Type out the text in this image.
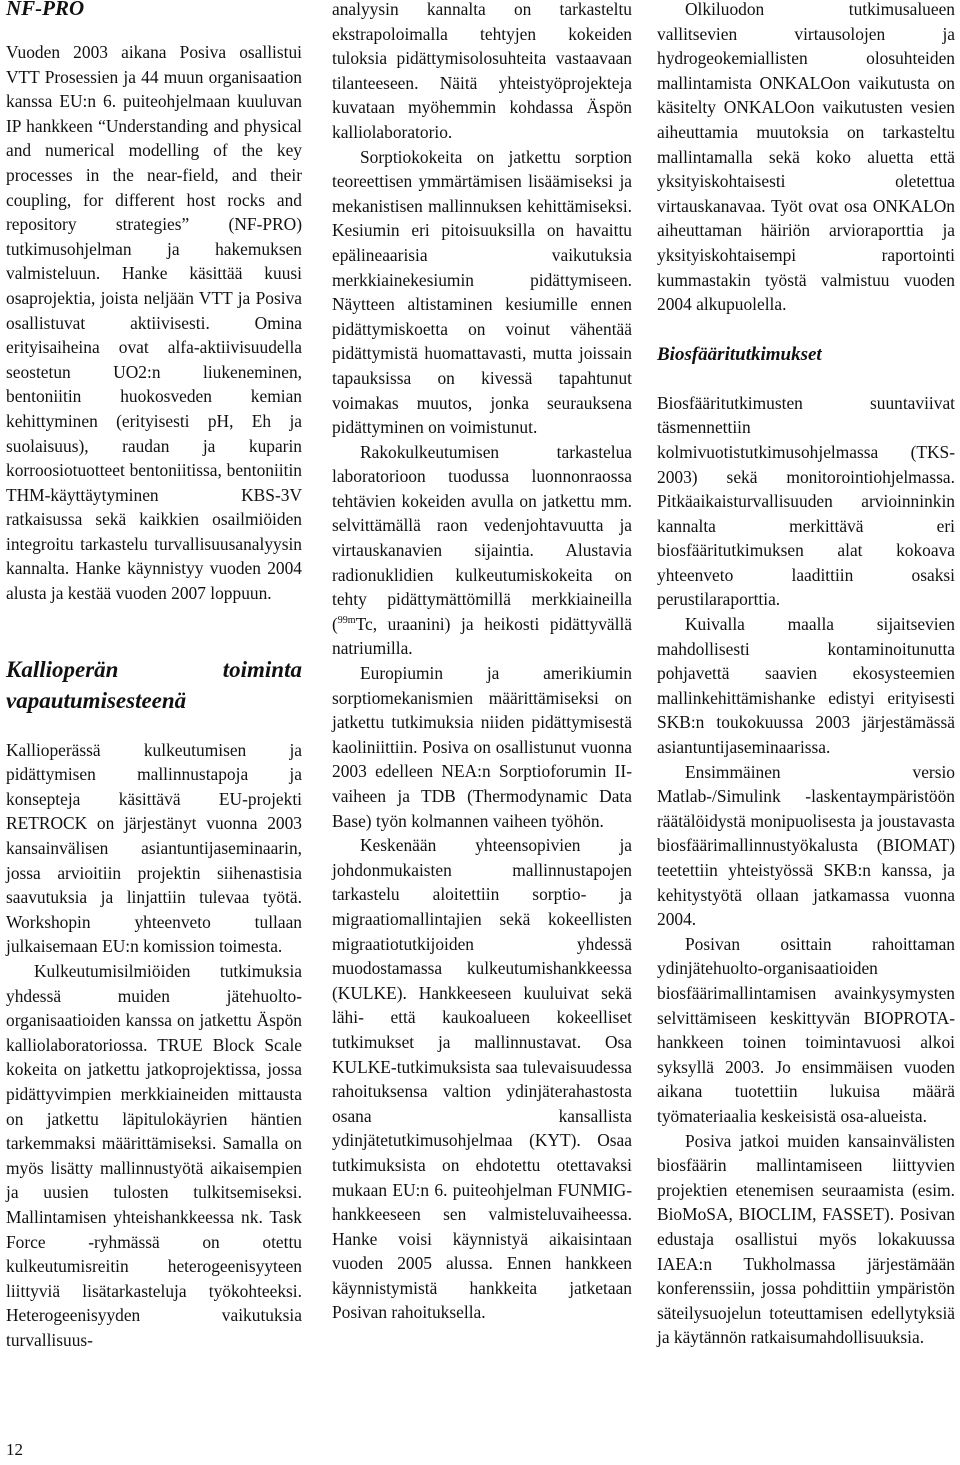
NF-PRO

Vuoden 2003 aikana Posiva osallistui VTT Prosessien ja 44 muun organisaation kanssa EU:n 6. puiteohjelmaan kuuluvan IP hankkeen “Understanding and physical and numerical modelling of the key processes in the near-field, and their coupling, for different host rocks and repository strategies” (NF-PRO) tutkimusohjelman ja hakemuksen valmisteluun. Hanke käsittää kuusi osaprojektia, joista neljään VTT ja Posiva osallistuvat aktiivisesti. Omina erityisaiheina ovat alfa-aktiivisuudella seostetun UO2:n liukeneminen, bentoniitin huokosveden kemian kehittyminen (erityisesti pH, Eh ja suolaisuus), raudan ja kuparin korroosiotuotteet bentoniitissa, bentoniitin THM-käyttäytyminen KBS-3V ratkaisussa sekä kaikkien osailmiöiden integroitu tarkastelu turvallisuusanalyysin kannalta. Hanke käynnistyy vuoden 2004 alusta ja kestää vuoden 2007 loppuun.

Kallioperän toiminta vapautumisesteenä

Kallioperässä kulkeutumisen ja pidättymisen mallinnustapoja ja konsepteja käsittävä EU-projekti RETROCK on järjestänyt vuonna 2003 kansainvälisen asiantuntijaseminaarin, jossa arvioitiin projektin siihenastisia saavutuksia ja linjattiin tulevaa työtä. Workshopin yhteenveto tullaan julkaisemaan EU:n komission toimesta.

Kulkeutumisilmiöiden tutkimuksia yhdessä muiden jätehuolto-organisaatioiden kanssa on jatkettu Äspön kalliolaboratoriossa. TRUE Block Scale kokeita on jatkettu jatkoprojektissa, jossa pidättyvimpien merkkiaineiden mittausta on jatkettu läpitulokäyrien häntien tarkemmaksi määrittämiseksi. Samalla on myös lisätty mallinnustyötä aikaisempien ja uusien tulosten tulkitsemiseksi. Mallintamisen yhteishankkeessa nk. Task Force -ryhmässä on otettu kulkeutumisreitin heterogeenisyyteen liittyviä lisätarkasteluja työkohteeksi. Heterogeenisyyden vaikutuksia turvallisuus-

analyysin kannalta on tarkasteltu ekstrapoloimalla tehtyjen kokeiden tuloksia pidättymisolosuhteita vastaavaan tilanteeseen. Näitä yhteistyöprojekteja kuvataan myöhemmin kohdassa Äspön kalliolaboratorio.

Sorptiokokeita on jatkettu sorption teoreettisen ymmärtämisen lisäämiseksi ja mekanistisen mallinnuksen kehittämiseksi. Kesiumin eri pitoisuuksilla on havaittu epälineaarisia vaikutuksia merkkiainekesiumin pidättymiseen. Näytteen altistaminen kesiumille ennen pidättymiskoetta on voinut vähentää pidättymistä huomattavasti, mutta joissain tapauksissa on kivessä tapahtunut voimakas muutos, jonka seurauksena pidättyminen on voimistunut.

Rakokulkeutumisen tarkastelua laboratorioon tuodussa luonnonraossa tehtävien kokeiden avulla on jatkettu mm. selvittämällä raon vedenjohtavuutta ja virtauskanavien sijaintia. Alustavia radionuklidien kulkeutumiskokeita on tehty pidättymättömillä merkkiaineilla ($^{99m}$Tc, uraanini) ja heikosti pidättyvällä natriumilla.

Europiumin ja amerikiumin sorptiomekanismien määrittämiseksi on jatkettu tutkimuksia niiden pidättymisestä kaoliniittiin. Posiva on osallistunut vuonna 2003 edelleen NEA:n Sorptioforumin II-vaiheen ja TDB (Thermodynamic Data Base) työn kolmannen vaiheen työhön.

Keskenään yhteensopivien ja johdonmukaisten mallinnustapojen tarkastelu aloitettiin sorptio- ja migraatiomallintajien sekä kokeellisten migraatiotutkijoiden yhdessä muodostamassa kulkeutumishankkeessa (KULKE). Hankkeeseen kuuluivat sekä lähi- että kaukoalueen kokeelliset tutkimukset ja mallinnustavat. Osa KULKE-tutkimuksista saa tulevaisuudessa rahoituksensa valtion ydinjäterahastosta osana kansallista ydinjätetutkimusohjelmaa (KYT). Osaa tutkimuksista on ehdotettu otettavaksi mukaan EU:n 6. puiteohjelman FUNMIG-hankkeeseen sen valmisteluvaiheessa. Hanke voisi käynnistyä aikaisintaan vuoden 2005 alussa. Ennen hankkeen käynnistymistä hankkeita jatketaan Posivan rahoituksella.

Olkiluodon tutkimusalueen vallitsevien virtausolojen ja hydrogeokemiallisten olosuhteiden mallintamista ONKALOon vaikutusta on käsitelty ONKALOon vaikutusten vesien aiheuttamia muutoksia on tarkasteltu mallintamalla sekä koko aluetta että yksityiskohtaisesti oletettua virtauskanavaa. Työt ovat osa ONKALOn aiheuttaman häiriön arvioraporttia ja yksityiskohtaisempi raportointi kummastakin työstä valmistuu vuoden 2004 alkupuolella.

Biosfääritutkimukset

Biosfääritutkimusten suuntaviivat täsmennettiin kolmivuotistutkimusohjelmassa (TKS-2003) sekä monitorointiohjelmassa. Pitkäaikaisturvallisuuden arvioinninkin kannalta merkittävä eri biosfääritutkimuksen alat kokoava yhteenveto laadittiin osaksi perustilaraporttia.

Kuivalla maalla sijaitsevien mahdollisesti kontaminoitunutta pohjavettä saavien ekosysteemien mallinkehittämishanke edistyi erityisesti SKB:n toukokuussa 2003 järjestämässä asiantuntijaseminaarissa.

Ensimmäinen versio Matlab-/Simulink -laskentaympäristöön räätälöidystä monipuolisesta ja joustavasta biosfäärimallinnustyökalusta (BIOMAT) teetettiin yhteistyössä SKB:n kanssa, ja kehitystyötä ollaan jatkamassa vuonna 2004.

Posivan osittain rahoittaman ydinjätehuolto-organisaatioiden biosfäärimallintamisen avainkysymysten selvittämiseen keskittyvän BIOPROTA-hankkeen toinen toimintavuosi alkoi syksyllä 2003. Jo ensimmäisen vuoden aikana tuotettiin lukuisa määrä työmateriaalia keskeisistä osa-alueista.

Posiva jatkoi muiden kansainvälisten biosfäärin mallintamiseen liittyvien projektien etenemisen seuraamista (esim. BioMoSA, BIOCLIM, FASSET). Posivan edustaja osallistui myös lokakuussa IAEA:n Tukholmassa järjestämään konferenssiin, jossa pohdittiin ympäristön säteilysuojelun toteuttamisen edellytyksiä ja käytännön ratkaisumahdollisuuksia.

12
